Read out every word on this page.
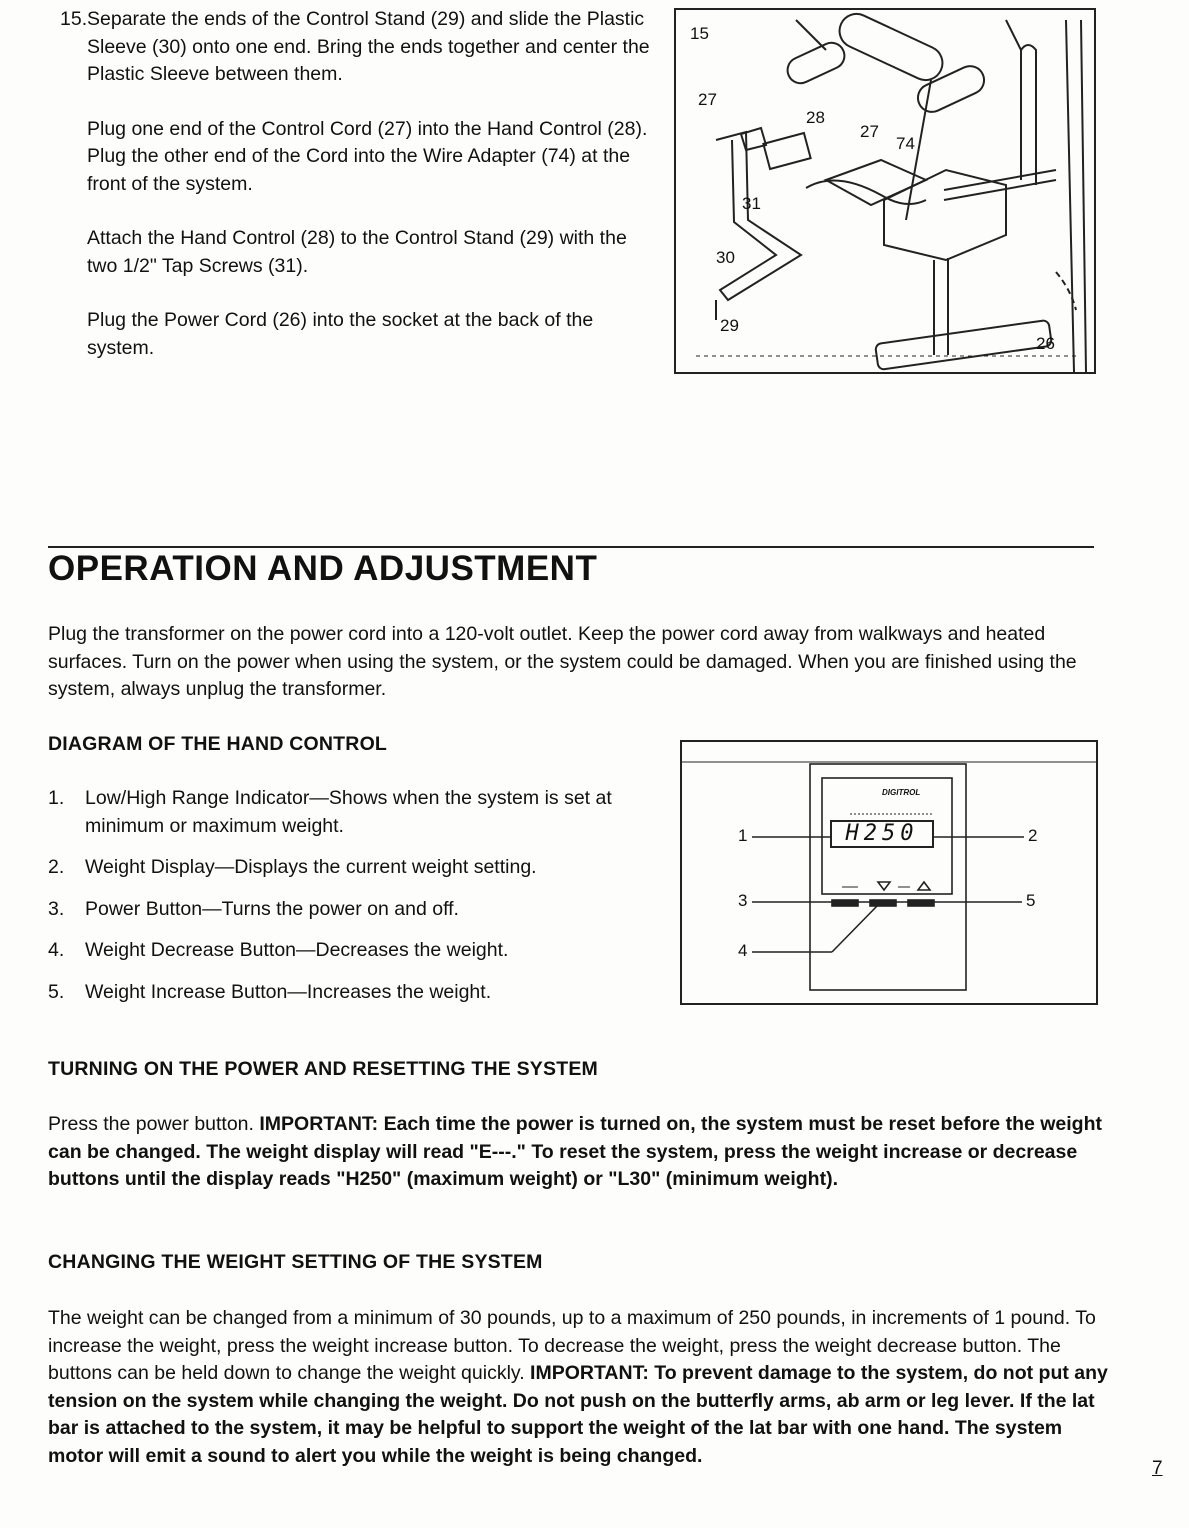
15. Separate the ends of the Control Stand (29) and slide the Plastic Sleeve (30) onto one end. Bring the ends together and center the Plastic Sleeve between them.

Plug one end of the Control Cord (27) into the Hand Control (28). Plug the other end of the Cord into the Wire Adapter (74) at the front of the system.

Attach the Hand Control (28) to the Control Stand (29) with the two 1/2" Tap Screws (31).

Plug the Power Cord (26) into the socket at the back of the system.

15
27
28
27
74
31
30
29
26
OPERATION AND ADJUSTMENT

Plug the transformer on the power cord into a 120-volt outlet. Keep the power cord away from walkways and heated surfaces. Turn on the power when using the system, or the system could be damaged. When you are finished using the system, always unplug the transformer.

DIAGRAM OF THE HAND CONTROL
1. Low/High Range Indicator—Shows when the system is set at minimum or maximum weight.
2. Weight Display—Displays the current weight setting.
3. Power Button—Turns the power on and off.
4. Weight Decrease Button—Decreases the weight.
5. Weight Increase Button—Increases the weight.
DIGITROL
H250
1	2
3
4
5
TURNING ON THE POWER AND RESETTING THE SYSTEM

Press the power button. IMPORTANT: Each time the power is turned on, the system must be reset before the weight can be changed. The weight display will read "E---." To reset the system, press the weight increase or decrease buttons until the display reads "H250" (maximum weight) or "L30" (minimum weight).

CHANGING THE WEIGHT SETTING OF THE SYSTEM

The weight can be changed from a minimum of 30 pounds, up to a maximum of 250 pounds, in increments of 1 pound. To increase the weight, press the weight increase button. To decrease the weight, press the weight decrease button. The buttons can be held down to change the weight quickly. IMPORTANT: To prevent damage to the system, do not put any tension on the system while changing the weight. Do not push on the butterfly arms, ab arm or leg lever. If the lat bar is attached to the system, it may be helpful to support the weight of the lat bar with one hand. The system motor will emit a sound to alert you while the weight is being changed.

7
